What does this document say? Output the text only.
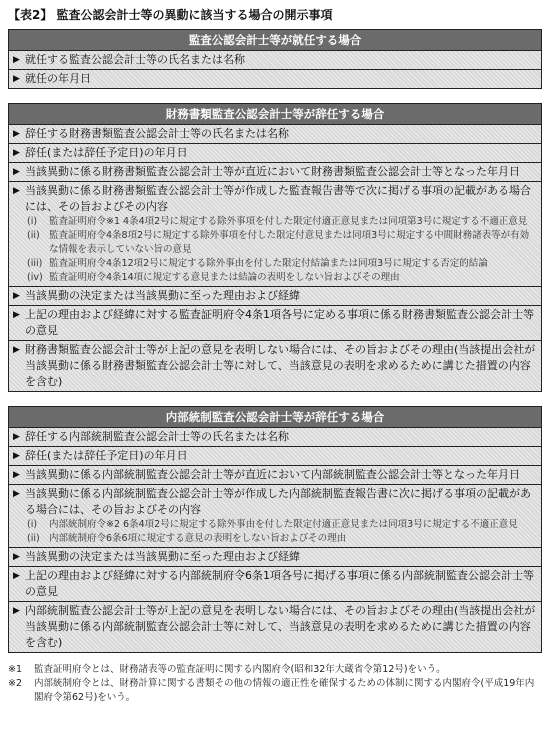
【表2】 監査公認会計士等の異動に該当する場合の開示事項
監査公認会計士等が就任する場合
▶ 就任する監査公認会計士等の氏名または名称
▶ 就任の年月日
財務書類監査公認会計士等が辞任する場合
▶ 辞任する財務書類監査公認会計士等の氏名または名称
▶ 辞任(または辞任予定日)の年月日
▶ 当該異動に係る財務書類監査公認会計士等が直近において財務書類監査公認会計士等となった年月日
▶ 当該異動に係る財務書類監査公認会計士等が作成した監査報告書等で次に掲げる事項の記載がある場合には、その旨およびその内容
(i)	監査証明府令※1 4条4項2号に規定する除外事項を付した限定付適正意見または同項第3号に規定する不適正意見
(ii) 監査証明府令4条8項2号に規定する除外事項を付した限定付意見または同項3号に規定する中間財務諸表等が有効な情報を表示していない旨の意見
(iii) 監査証明府令4条12項2号に規定する除外事由を付した限定付結論または同項3号に規定する否定的結論
(iv) 監査証明府令4条14項に規定する意見または結論の表明をしない旨およびその理由
▶ 当該異動の決定または当該異動に至った理由および経緯
▶ 上記の理由および経緯に対する監査証明府令4条1項各号に定める事項に係る財務書類監査公認会計士等の意見
▶ 財務書類監査公認会計士等が上記の意見を表明しない場合には、その旨およびその理由(当該提出会社が当該異動に係る財務書類監査公認会計士等に対して、当該意見の表明を求めるために講じた措置の内容を含む)
内部統制監査公認会計士等が辞任する場合
▶ 辞任する内部統制監査公認会計士等の氏名または名称
▶ 辞任(または辞任予定日)の年月日
▶ 当該異動に係る内部統制監査公認会計士等が直近において内部統制監査公認会計士等となった年月日
▶ 当該異動に係る内部統制監査公認会計士等が作成した内部統制監査報告書に次に掲げる事項の記載がある場合には、その旨およびその内容
(i)	内部統制府令※2 6条4項2号に規定する除外事由を付した限定付適正意見または同項3号に規定する不適正意見
(ii) 内部統制府令6条6項に規定する意見の表明をしない旨およびその理由
▶ 当該異動の決定または当該異動に至った理由および経緯
▶ 上記の理由および経緯に対する内部統制府令6条1項各号に掲げる事項に係る内部統制監査公認会計士等の意見
▶ 内部統制監査公認会計士等が上記の意見を表明しない場合には、その旨およびその理由(当該提出会社が当該異動に係る内部統制監査公認会計士等に対して、当該意見の表明を求めるために講じた措置の内容を含む)
※1	監査証明府令とは、財務諸表等の監査証明に関する内閣府令(昭和32年大蔵省令第12号)をいう。
※2	内部統制府令とは、財務計算に関する書類その他の情報の適正性を確保するための体制に関する内閣府令(平成19年内閣府令第62号)をいう。
